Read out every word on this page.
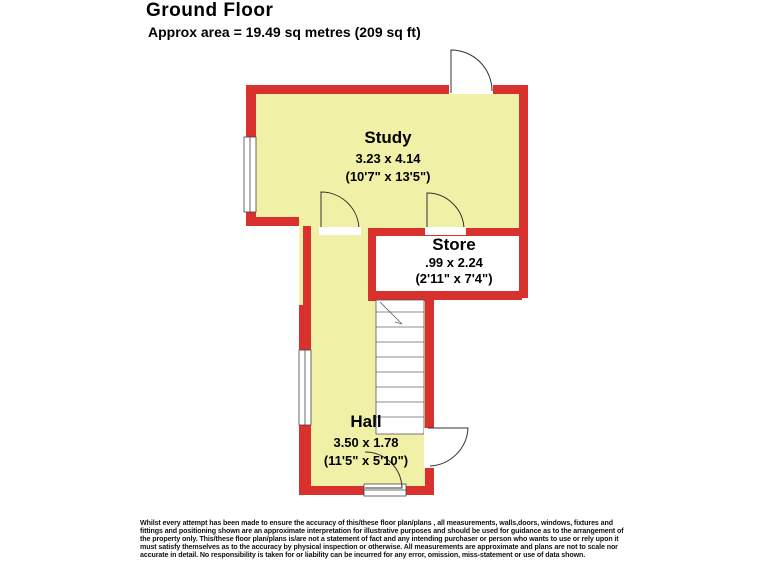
Ground Floor
Approx area = 19.49 sq metres (209 sq ft)
Study
3.23 x 4.14
(10'7" x 13'5")
Store
.99 x 2.24
(2'11" x 7'4")
Hall
3.50 x 1.78
(11'5" x 5'10")
Whilst every attempt has been made to ensure the accuracy of this/these floor plan/plans , all measurements, walls,doors, windows, fixtures and fittings and positioning shown are an approximate interpretation for illustrative purposes and should be used for guidance as to the arrangement of the property only. This/these floor plan/plans is/are not a statement of fact and any intending purchaser or person who wants to use or rely upon it must satisfy themselves as to the accuracy by physical inspection or otherwise. All measurements are approximate and plans are not to scale nor accurate in detail. No responsibility is taken for or liability can be incurred for any error, omission, miss-statement or use of data shown.
